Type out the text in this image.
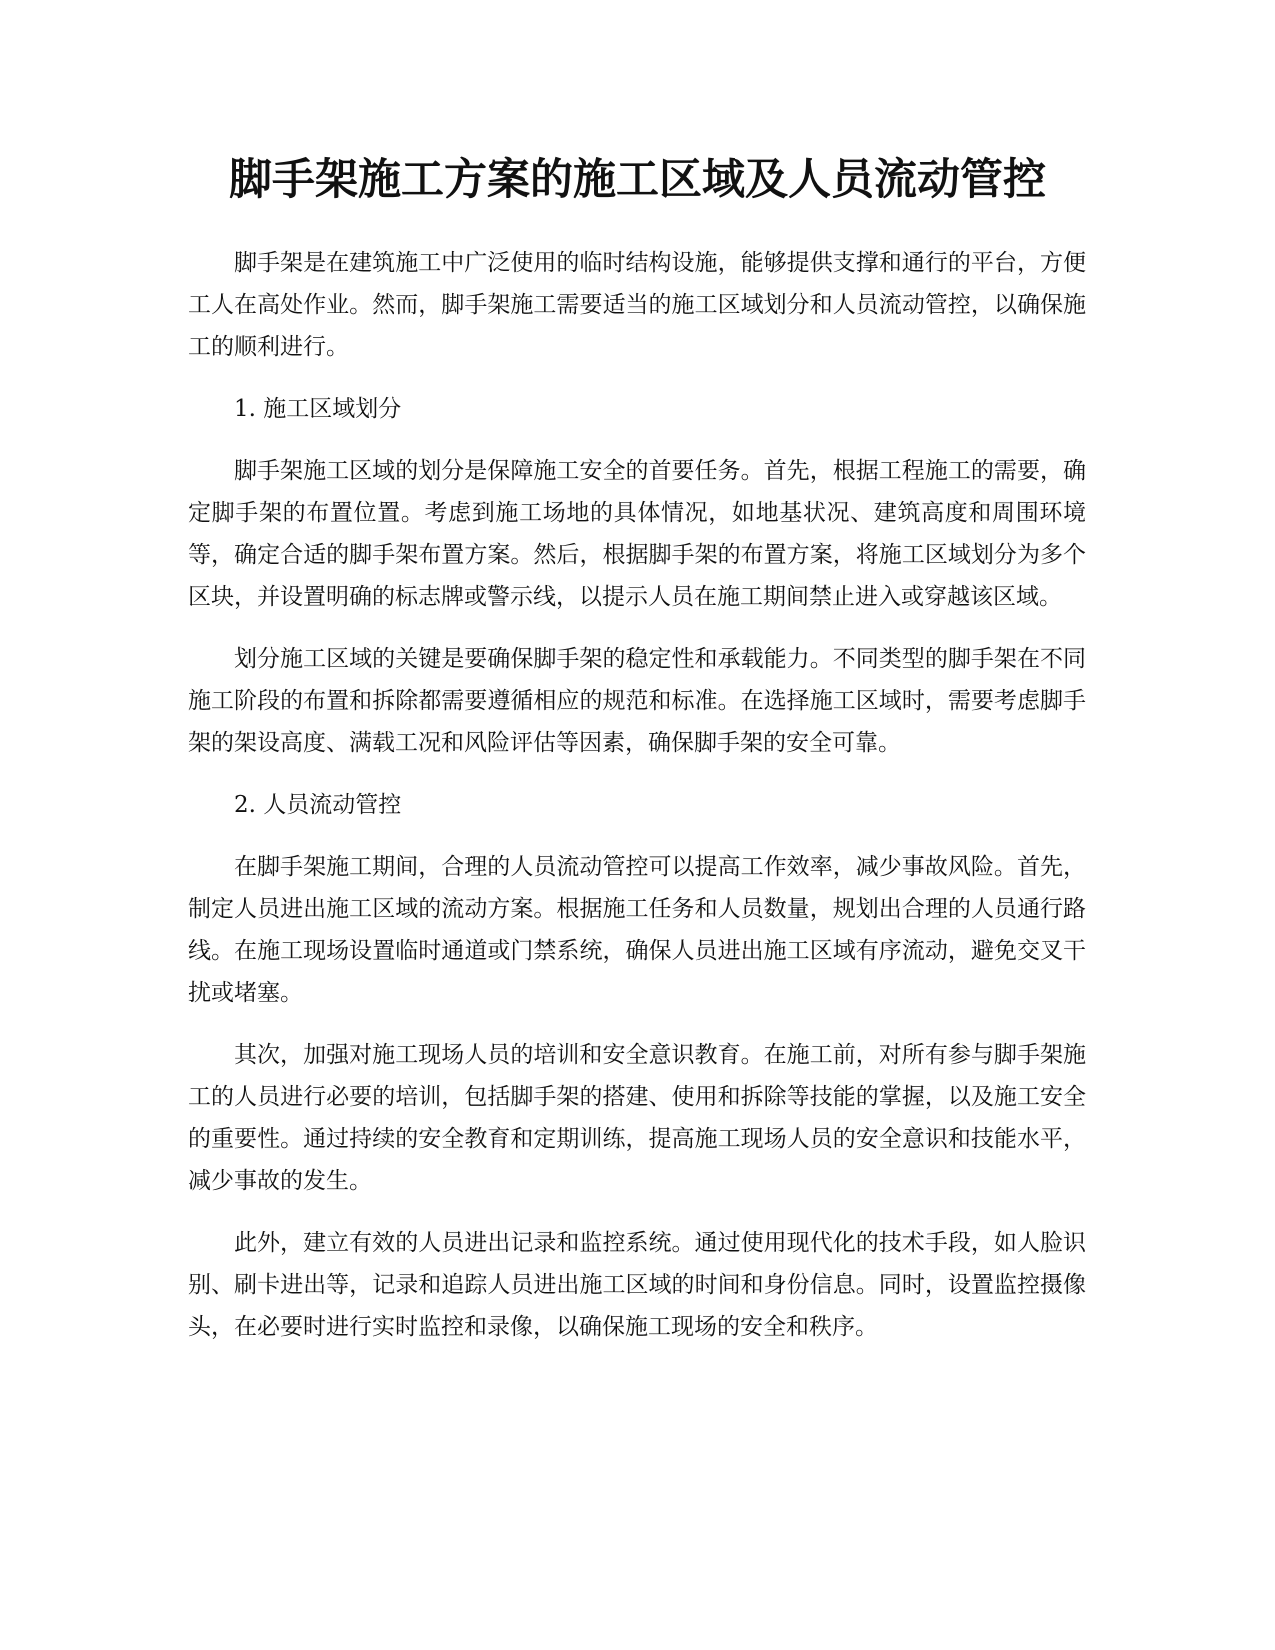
脚手架施工方案的施工区域及人员流动管控

脚手架是在建筑施工中广泛使用的临时结构设施，能够提供支撑和通行的平台，方便工人在高处作业。然而，脚手架施工需要适当的施工区域划分和人员流动管控，以确保施工的顺利进行。

1. 施工区域划分

脚手架施工区域的划分是保障施工安全的首要任务。首先，根据工程施工的需要，确定脚手架的布置位置。考虑到施工场地的具体情况，如地基状况、建筑高度和周围环境等，确定合适的脚手架布置方案。然后，根据脚手架的布置方案，将施工区域划分为多个区块，并设置明确的标志牌或警示线，以提示人员在施工期间禁止进入或穿越该区域。

划分施工区域的关键是要确保脚手架的稳定性和承载能力。不同类型的脚手架在不同施工阶段的布置和拆除都需要遵循相应的规范和标准。在选择施工区域时，需要考虑脚手架的架设高度、满载工况和风险评估等因素，确保脚手架的安全可靠。

2. 人员流动管控

在脚手架施工期间，合理的人员流动管控可以提高工作效率，减少事故风险。首先，制定人员进出施工区域的流动方案。根据施工任务和人员数量，规划出合理的人员通行路线。在施工现场设置临时通道或门禁系统，确保人员进出施工区域有序流动，避免交叉干扰或堵塞。

其次，加强对施工现场人员的培训和安全意识教育。在施工前，对所有参与脚手架施工的人员进行必要的培训，包括脚手架的搭建、使用和拆除等技能的掌握，以及施工安全的重要性。通过持续的安全教育和定期训练，提高施工现场人员的安全意识和技能水平，减少事故的发生。

此外，建立有效的人员进出记录和监控系统。通过使用现代化的技术手段，如人脸识别、刷卡进出等，记录和追踪人员进出施工区域的时间和身份信息。同时，设置监控摄像头，在必要时进行实时监控和录像，以确保施工现场的安全和秩序。
